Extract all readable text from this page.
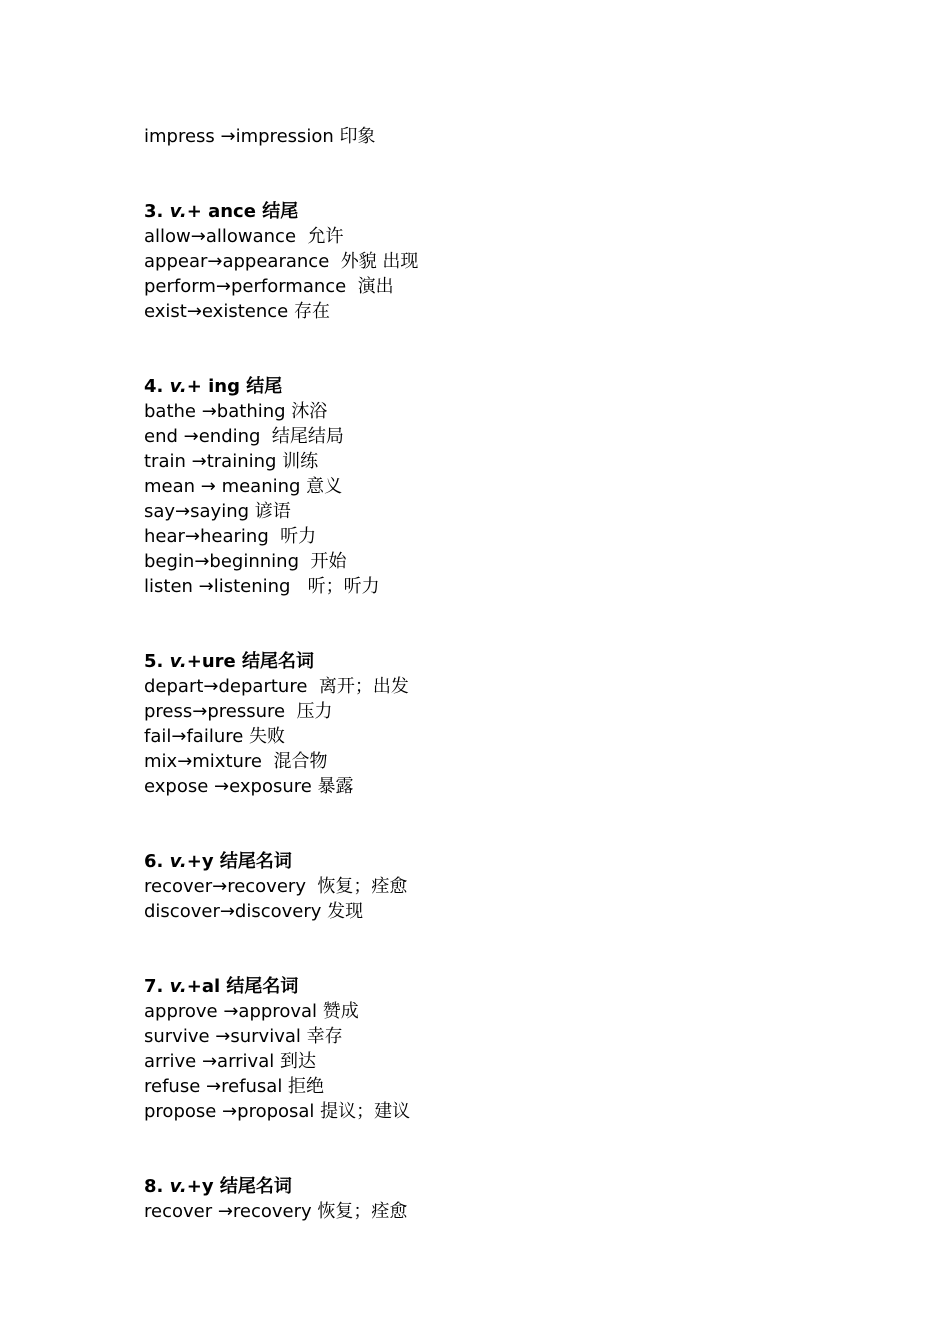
impress →impression 印象
3. v.+ ance 结尾
allow→allowance  允许
appear→appearance  外貌 出现
perform→performance  演出
exist→existence 存在
4. v.+ ing 结尾
bathe →bathing 沐浴
end →ending  结尾结局
train →training 训练
mean → meaning 意义
say→saying 谚语
hear→hearing  听力
begin→beginning  开始
listen →listening   听；听力
5. v.+ure 结尾名词
depart→departure  离开；出发
press→pressure  压力
fail→failure 失败
mix→mixture  混合物
expose →exposure 暴露
6. v.+y 结尾名词
recover→recovery  恢复；痊愈
discover→discovery 发现
7. v.+al 结尾名词
approve →approval 赞成
survive →survival 幸存
arrive →arrival 到达
refuse →refusal 拒绝
propose →proposal 提议；建议
8. v.+y 结尾名词
recover →recovery 恢复；痊愈
